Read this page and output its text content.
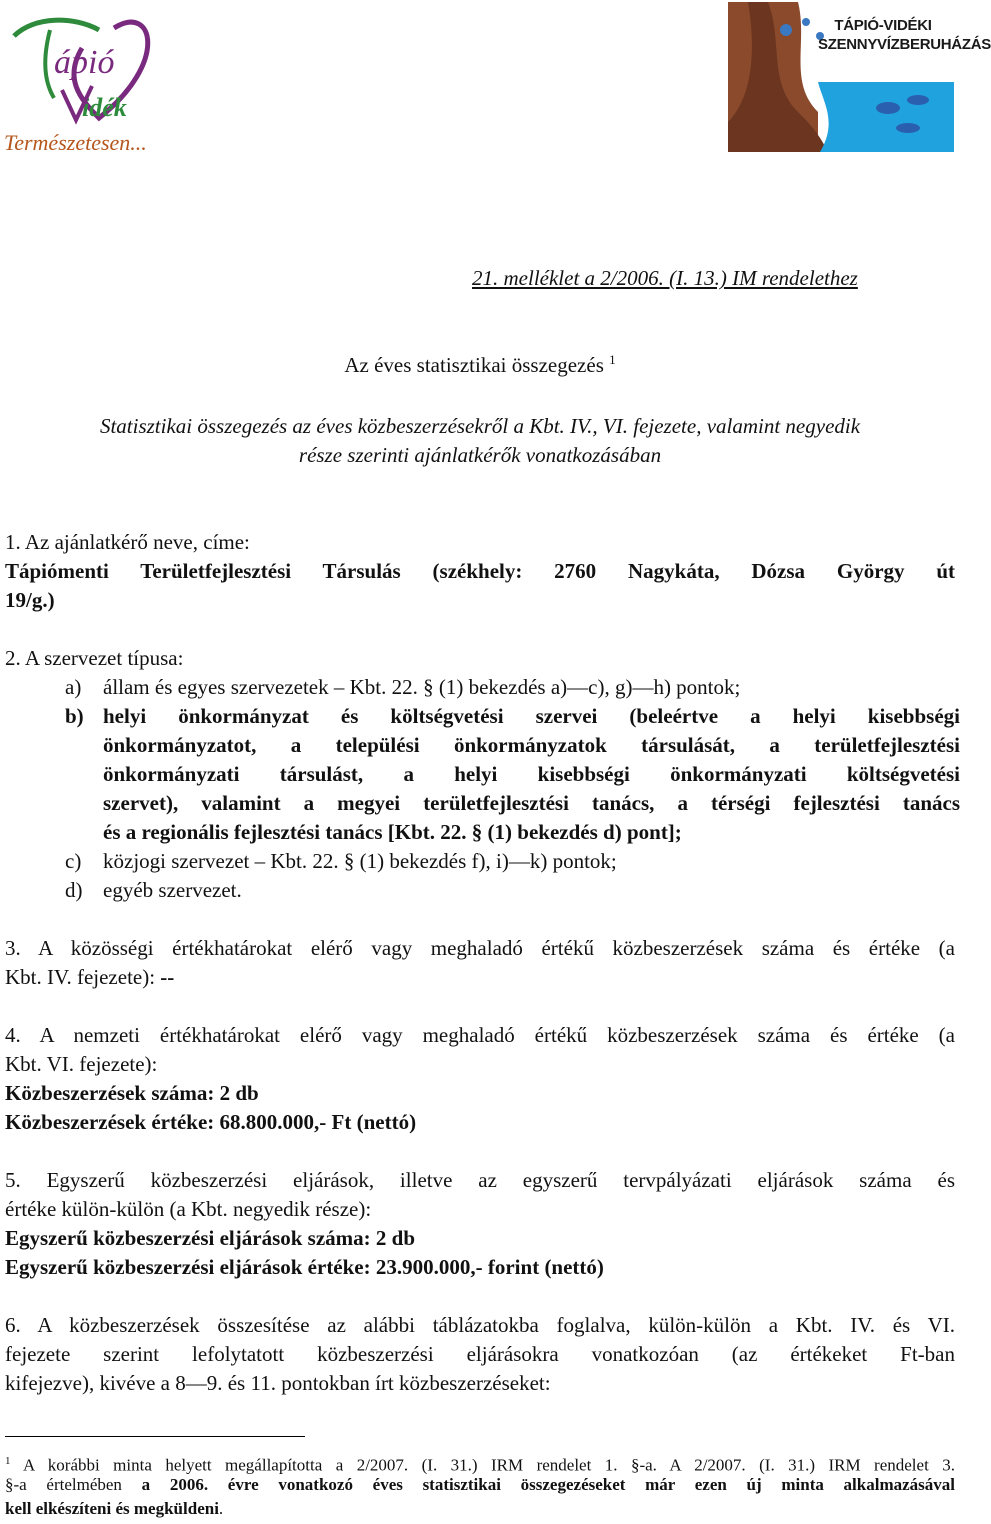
ápió
idék
Természetesen...
TÁPIÓ-VIDÉKI SZENNYVÍZBERUHÁZÁS
21. melléklet a 2/2006. (I. 13.) IM rendelethez
Az éves statisztikai összegezés $^1$
Statisztikai összegezés az éves közbeszerzésekről a Kbt. IV., VI. fejezete, valamint negyedik
része szerinti ajánlatkérők vonatkozásában
1. Az ajánlatkérő neve, címe:
Tápiómenti Területfejlesztési Társulás (székhely: 2760 Nagykáta, Dózsa György út
19/g.)
2. A szervezet típusa:
a) állam és egyes szervezetek – Kbt. 22. § (1) bekezdés a)—c), g)—h) pontok;
b) helyi önkormányzat és költségvetési szervei (beleértve a helyi kisebbségi
önkormányzatot, a települési önkormányzatok társulását, a területfejlesztési
önkormányzati társulást, a helyi kisebbségi önkormányzati költségvetési
szervet), valamint a megyei területfejlesztési tanács, a térségi fejlesztési tanács
és a regionális fejlesztési tanács [Kbt. 22. § (1) bekezdés d) pont];
c) közjogi szervezet – Kbt. 22. § (1) bekezdés f), i)—k) pontok;
d) egyéb szervezet.
3. A közösségi értékhatárokat elérő vagy meghaladó értékű közbeszerzések száma és értéke (a
Kbt. IV. fejezete): --
4. A nemzeti értékhatárokat elérő vagy meghaladó értékű közbeszerzések száma és értéke (a
Kbt. VI. fejezete):
Közbeszerzések száma: 2 db
Közbeszerzések értéke: 68.800.000,- Ft (nettó)
5. Egyszerű közbeszerzési eljárások, illetve az egyszerű tervpályázati eljárások száma és
értéke külön-külön (a Kbt. negyedik része):
Egyszerű közbeszerzési eljárások száma: 2 db
Egyszerű közbeszerzési eljárások értéke: 23.900.000,- forint (nettó)
6. A közbeszerzések összesítése az alábbi táblázatokba foglalva, külön-külön a Kbt. IV. és VI.
fejezete szerint lefolytatott közbeszerzési eljárásokra vonatkozóan (az értékeket Ft-ban
kifejezve), kivéve a 8—9. és 11. pontokban írt közbeszerzéseket:
$^1$ A korábbi minta helyett megállapította a 2/2007. (I. 31.) IRM rendelet 1. §-a. A 2/2007. (I. 31.) IRM rendelet 3.
§-a értelmében a 2006. évre vonatkozó éves statisztikai összegezéseket már ezen új minta alkalmazásával
kell elkészíteni és megküldeni.
